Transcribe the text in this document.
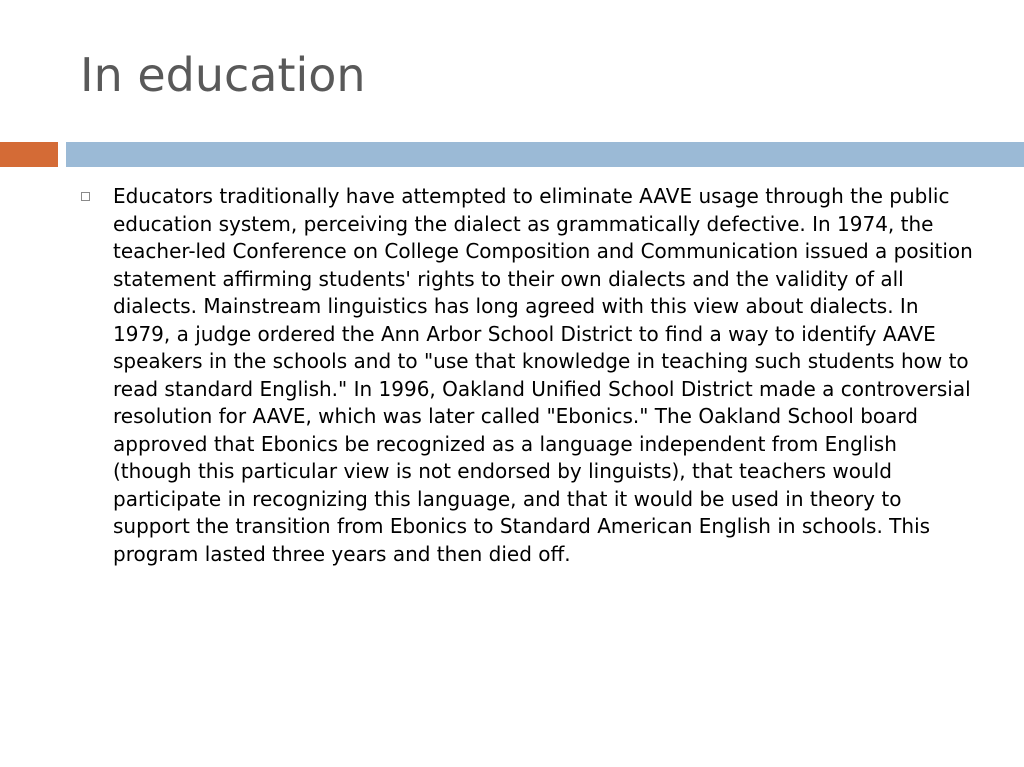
In education
Educators traditionally have attempted to eliminate AAVE usage through the public education system, perceiving the dialect as grammatically defective. In 1974, the teacher-led Conference on College Composition and Communication issued a position statement affirming students' rights to their own dialects and the validity of all dialects. Mainstream linguistics has long agreed with this view about dialects. In 1979, a judge ordered the Ann Arbor School District to find a way to identify AAVE speakers in the schools and to "use that knowledge in teaching such students how to read standard English." In 1996, Oakland Unified School District made a controversial resolution for AAVE, which was later called "Ebonics." The Oakland School board approved that Ebonics be recognized as a language independent from English (though this particular view is not endorsed by linguists), that teachers would participate in recognizing this language, and that it would be used in theory to support the transition from Ebonics to Standard American English in schools. This program lasted three years and then died off.
